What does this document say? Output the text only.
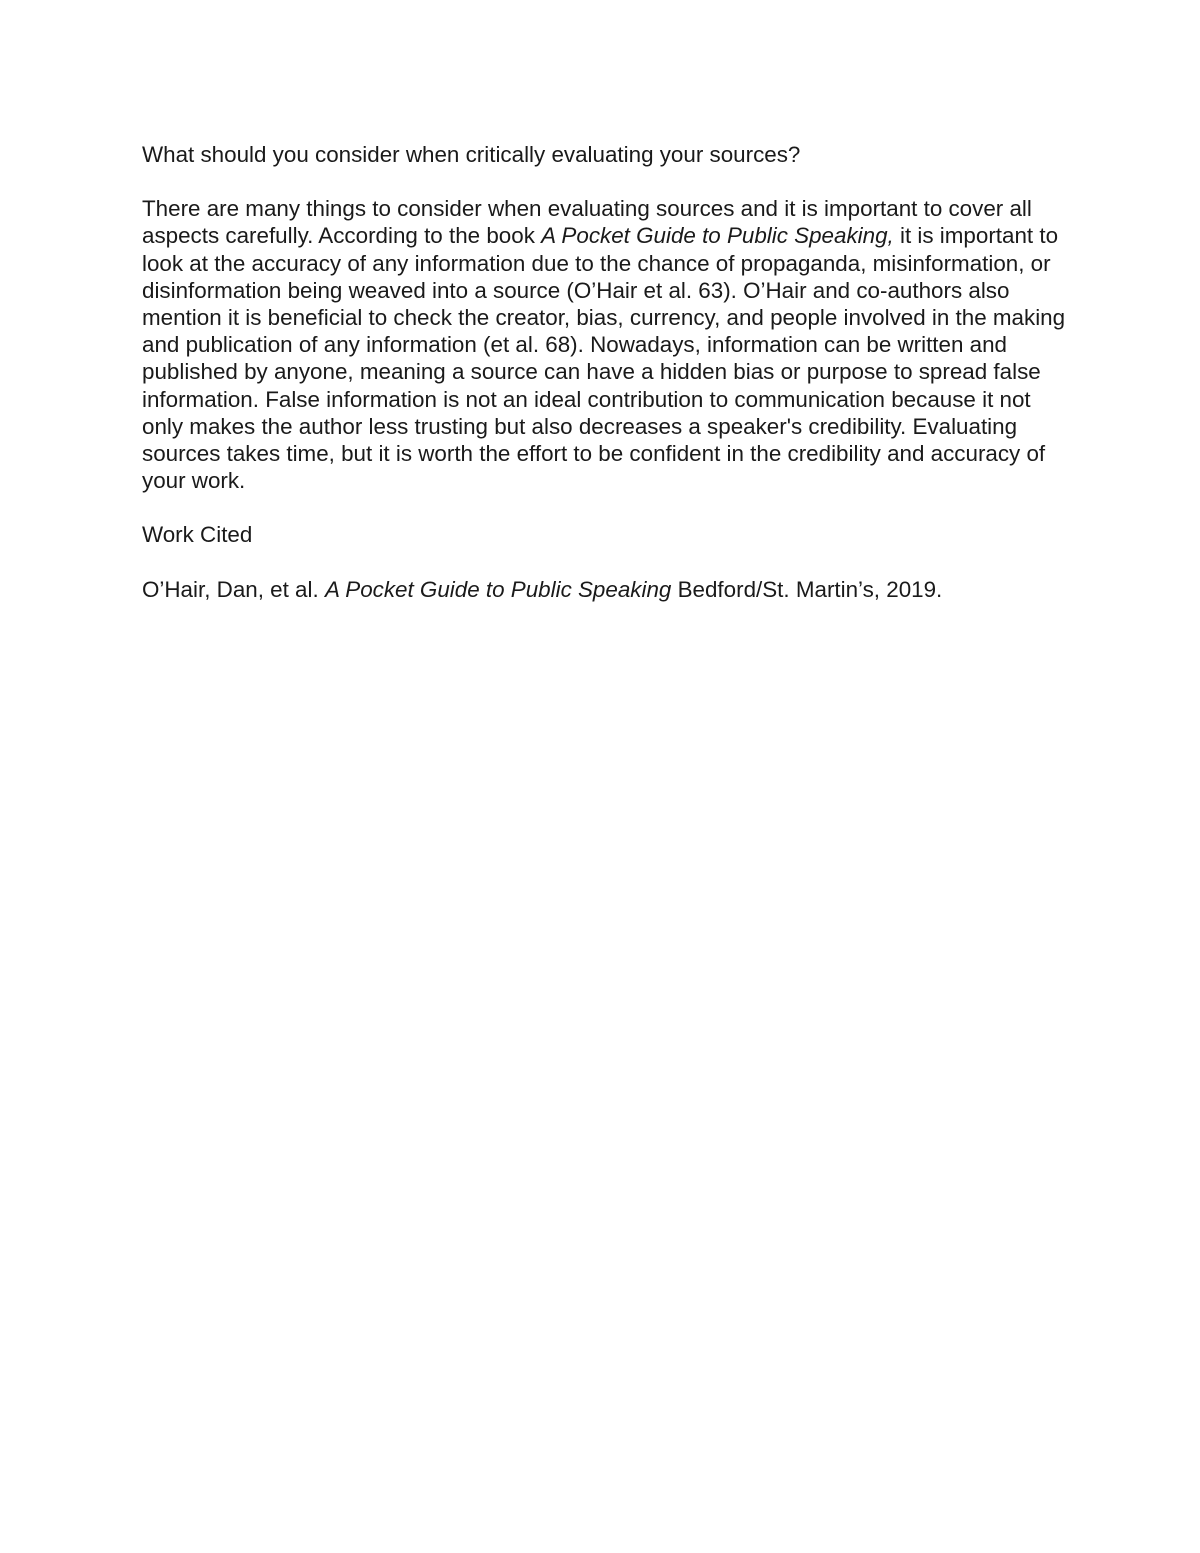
What should you consider when critically evaluating your sources?

There are many things to consider when evaluating sources and it is important to cover all aspects carefully. According to the book A Pocket Guide to Public Speaking, it is important to look at the accuracy of any information due to the chance of propaganda, misinformation, or disinformation being weaved into a source (O’Hair et al. 63). O’Hair and co-authors also mention it is beneficial to check the creator, bias, currency, and people involved in the making and publication of any information (et al. 68). Nowadays, information can be written and published by anyone, meaning a source can have a hidden bias or purpose to spread false information. False information is not an ideal contribution to communication because it not only makes the author less trusting but also decreases a speaker's credibility. Evaluating sources takes time, but it is worth the effort to be confident in the credibility and accuracy of your work.

Work Cited

O’Hair, Dan, et al. A Pocket Guide to Public Speaking Bedford/St. Martin’s, 2019.
